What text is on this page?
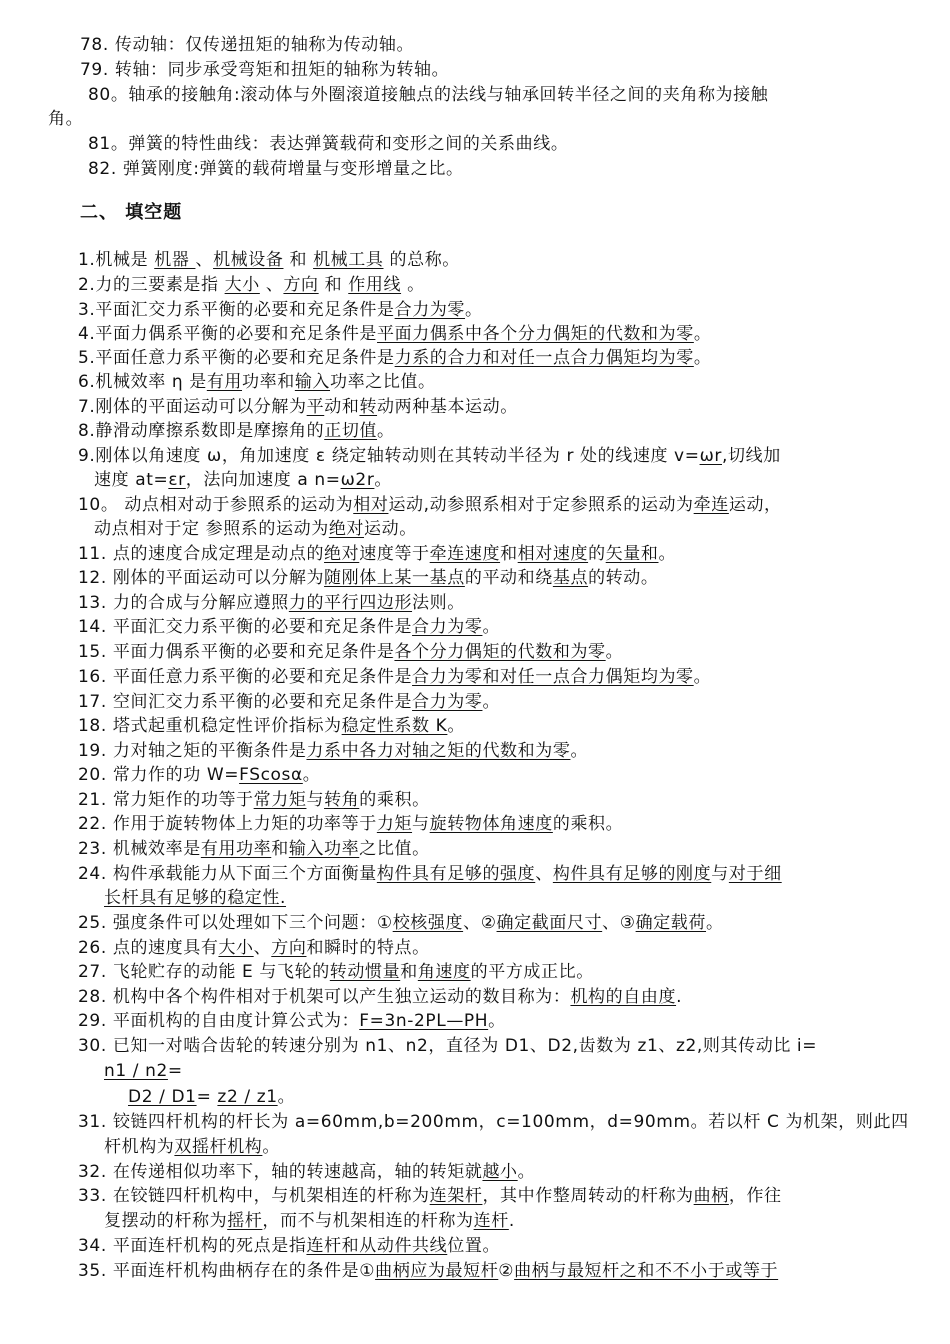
78. 传动轴：仅传递扭矩的轴称为传动轴。
79. 转轴：同步承受弯矩和扭矩的轴称为转轴。
80。轴承的接触角:滚动体与外圈滚道接触点的法线与轴承回转半径之间的夹角称为接触
角。
81。弹簧的特性曲线：表达弹簧载荷和变形之间的关系曲线。
82. 弹簧刚度:弹簧的载荷增量与变形增量之比。
二、 填空题
1.机械是 机器 、机械设备 和 机械工具 的总称。
2.力的三要素是指 大小 、方向 和 作用线 。
3.平面汇交力系平衡的必要和充足条件是合力为零。
4.平面力偶系平衡的必要和充足条件是平面力偶系中各个分力偶矩的代数和为零。
5.平面任意力系平衡的必要和充足条件是力系的合力和对任一点合力偶矩均为零。
6.机械效率 η 是有用功率和输入功率之比值。
7.刚体的平面运动可以分解为平动和转动两种基本运动。
8.静滑动摩擦系数即是摩擦角的正切值。
9.刚体以角速度 ω，角加速度 ε 绕定轴转动则在其转动半径为 r 处的线速度 v=ωr,切线加
速度 at=εr，法向加速度 a n=ω2r。
10。 动点相对动于参照系的运动为相对运动,动参照系相对于定参照系的运动为牵连运动，
动点相对于定 参照系的运动为绝对运动。
11. 点的速度合成定理是动点的绝对速度等于牵连速度和相对速度的矢量和。
12. 刚体的平面运动可以分解为随刚体上某一基点的平动和绕基点的转动。
13. 力的合成与分解应遵照力的平行四边形法则。
14. 平面汇交力系平衡的必要和充足条件是合力为零。
15. 平面力偶系平衡的必要和充足条件是各个分力偶矩的代数和为零。
16. 平面任意力系平衡的必要和充足条件是合力为零和对任一点合力偶矩均为零。
17. 空间汇交力系平衡的必要和充足条件是合力为零。
18. 塔式起重机稳定性评价指标为稳定性系数 K。
19. 力对轴之矩的平衡条件是力系中各力对轴之矩的代数和为零。
20. 常力作的功 W=FScosα。
21. 常力矩作的功等于常力矩与转角的乘积。
22. 作用于旋转物体上力矩的功率等于力矩与旋转物体角速度的乘积。
23. 机械效率是有用功率和输入功率之比值。
24. 构件承载能力从下面三个方面衡量构件具有足够的强度、构件具有足够的刚度与对于细
长杆具有足够的稳定性.
25. 强度条件可以处理如下三个问题：①校核强度、②确定截面尺寸、③确定载荷。
26. 点的速度具有大小、方向和瞬时的特点。
27. 飞轮贮存的动能 E 与飞轮的转动惯量和角速度的平方成正比。
28. 机构中各个构件相对于机架可以产生独立运动的数目称为：机构的自由度.
29. 平面机构的自由度计算公式为：F=3n-2PL—PH。
30. 已知一对啮合齿轮的转速分别为 n1、n2，直径为 D1、D2,齿数为 z1、z2,则其传动比 i=
n1 / n2=
D2 / D1= z2 / z1。
31. 铰链四杆机构的杆长为 a=60mm,b=200mm，c=100mm，d=90mm。若以杆 C 为机架，则此四
杆机构为双摇杆机构。
32. 在传递相似功率下，轴的转速越高，轴的转矩就越小。
33. 在铰链四杆机构中，与机架相连的杆称为连架杆，其中作整周转动的杆称为曲柄，作往
复摆动的杆称为摇杆，而不与机架相连的杆称为连杆.
34. 平面连杆机构的死点是指连杆和从动件共线位置。
35. 平面连杆机构曲柄存在的条件是①曲柄应为最短杆②曲柄与最短杆之和不不小于或等于
